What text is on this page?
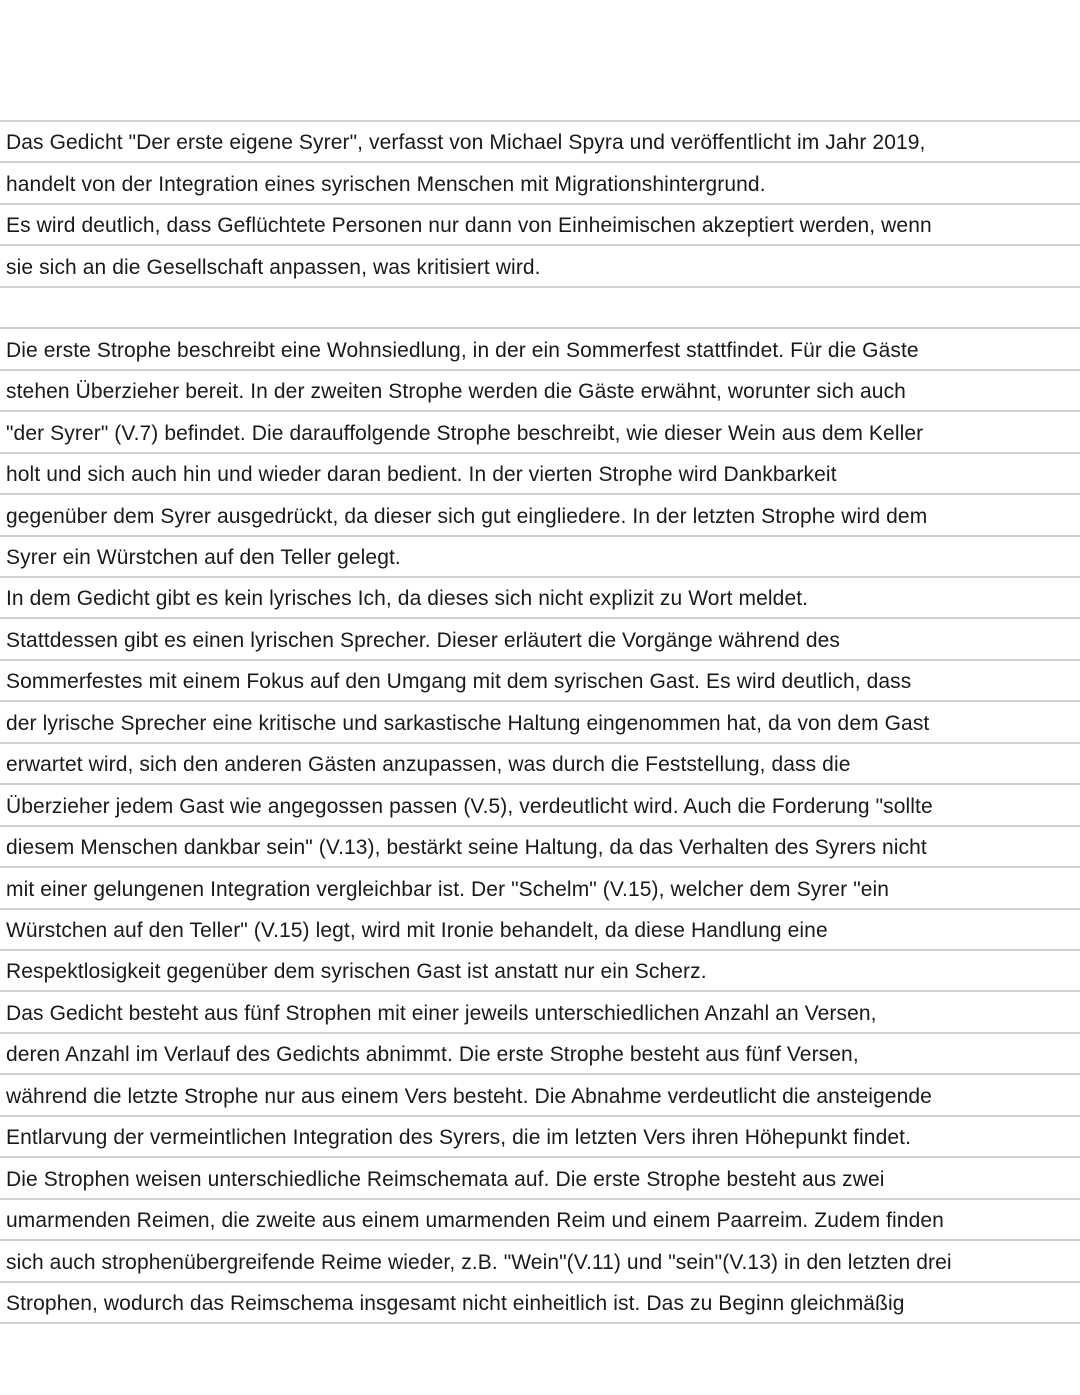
Das Gedicht "Der erste eigene Syrer", verfasst von Michael Spyra und veröffentlicht im Jahr 2019,
handelt von der Integration eines syrischen Menschen mit Migrationshintergrund.
Es wird deutlich, dass Geflüchtete Personen nur dann von Einheimischen akzeptiert werden, wenn
sie sich an die Gesellschaft anpassen, was kritisiert wird.
Die erste Strophe beschreibt eine Wohnsiedlung, in der ein Sommerfest stattfindet. Für die Gäste
stehen Überzieher bereit. In der zweiten Strophe werden die Gäste erwähnt, worunter sich auch
"der Syrer" (V.7) befindet. Die darauffolgende Strophe beschreibt, wie dieser Wein aus dem Keller
holt und sich auch hin und wieder daran bedient. In der vierten Strophe wird Dankbarkeit
gegenüber dem Syrer ausgedrückt, da dieser sich gut eingliedere. In der letzten Strophe wird dem
Syrer ein Würstchen auf den Teller gelegt.
In dem Gedicht gibt es kein lyrisches Ich, da dieses sich nicht explizit zu Wort meldet.
Stattdessen gibt es einen lyrischen Sprecher. Dieser erläutert die Vorgänge während des
Sommerfestes mit einem Fokus auf den Umgang mit dem syrischen Gast. Es wird deutlich, dass
der lyrische Sprecher eine kritische und sarkastische Haltung eingenommen hat, da von dem Gast
erwartet wird, sich den anderen Gästen anzupassen, was durch die Feststellung, dass die
Überzieher jedem Gast wie angegossen passen (V.5), verdeutlicht wird. Auch die Forderung "sollte
diesem Menschen dankbar sein" (V.13), bestärkt seine Haltung, da das Verhalten des Syrers nicht
mit einer gelungenen Integration vergleichbar ist. Der "Schelm" (V.15), welcher dem Syrer "ein
Würstchen auf den Teller" (V.15) legt, wird mit Ironie behandelt, da diese Handlung eine
Respektlosigkeit gegenüber dem syrischen Gast ist anstatt nur ein Scherz.
Das Gedicht besteht aus fünf Strophen mit einer jeweils unterschiedlichen Anzahl an Versen,
deren Anzahl im Verlauf des Gedichts abnimmt. Die erste Strophe besteht aus fünf Versen,
während die letzte Strophe nur aus einem Vers besteht. Die Abnahme verdeutlicht die ansteigende
Entlarvung der vermeintlichen Integration des Syrers, die im letzten Vers ihren Höhepunkt findet.
Die Strophen weisen unterschiedliche Reimschemata auf. Die erste Strophe besteht aus zwei
umarmenden Reimen, die zweite aus einem umarmenden Reim und einem Paarreim. Zudem finden
sich auch strophenübergreifende Reime wieder, z.B. "Wein"(V.11) und "sein"(V.13) in den letzten drei
Strophen, wodurch das Reimschema insgesamt nicht einheitlich ist. Das zu Beginn gleichmäßig
